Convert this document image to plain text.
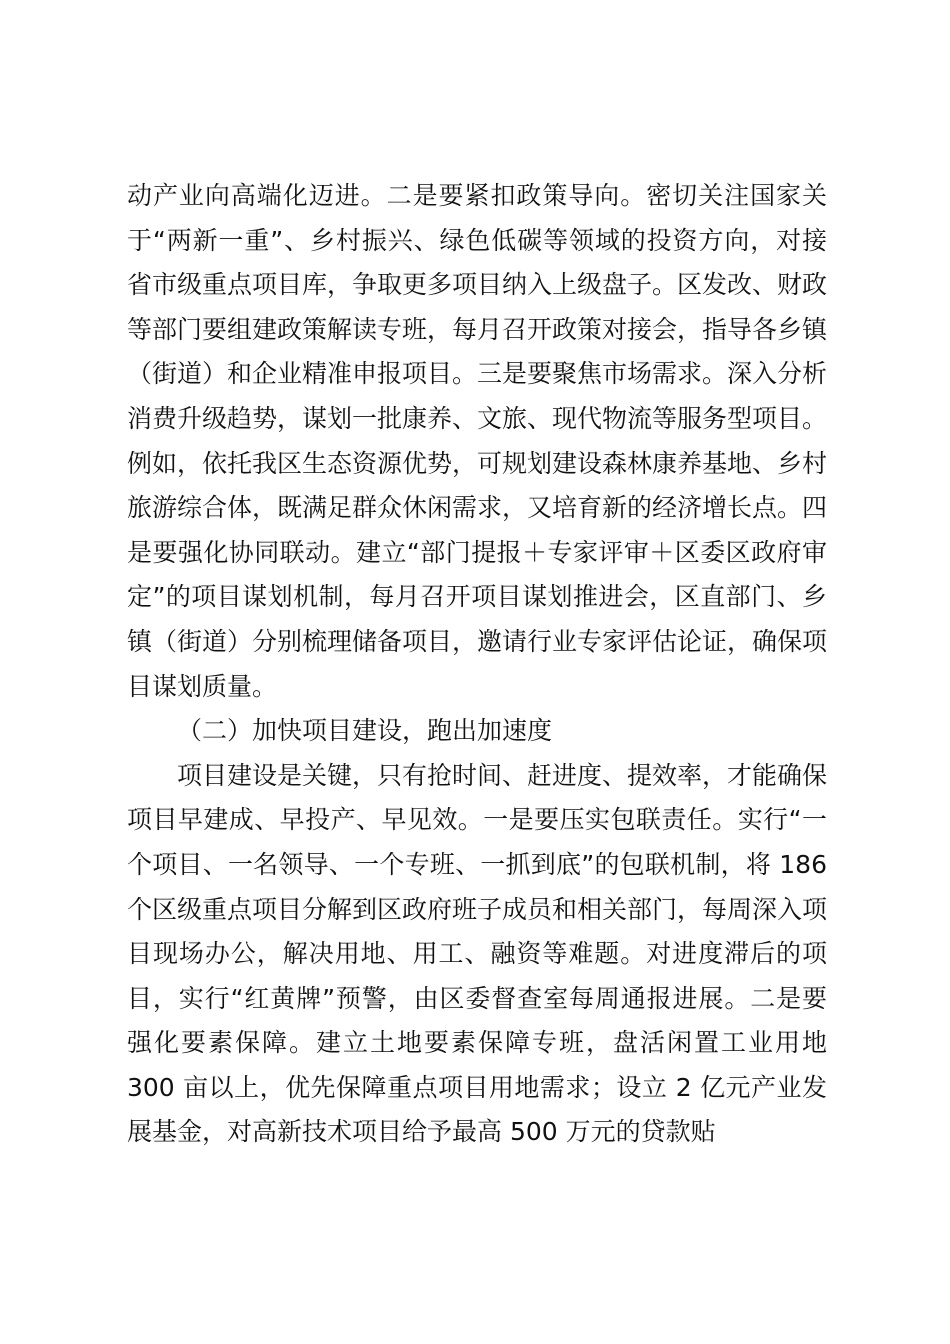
动产业向高端化迈进。二是要紧扣政策导向。密切关注国家关于“两新一重”、乡村振兴、绿色低碳等领域的投资方向，对接省市级重点项目库，争取更多项目纳入上级盘子。区发改、财政等部门要组建政策解读专班，每月召开政策对接会，指导各乡镇（街道）和企业精准申报项目。三是要聚焦市场需求。深入分析消费升级趋势，谋划一批康养、文旅、现代物流等服务型项目。例如，依托我区生态资源优势，可规划建设森林康养基地、乡村旅游综合体，既满足群众休闲需求，又培育新的经济增长点。四是要强化协同联动。建立“部门提报＋专家评审＋区委区政府审定”的项目谋划机制，每月召开项目谋划推进会，区直部门、乡镇（街道）分别梳理储备项目，邀请行业专家评估论证，确保项目谋划质量。

（二）加快项目建设，跑出加速度

项目建设是关键，只有抢时间、赶进度、提效率，才能确保项目早建成、早投产、早见效。一是要压实包联责任。实行“一个项目、一名领导、一个专班、一抓到底”的包联机制，将 186 个区级重点项目分解到区政府班子成员和相关部门，每周深入项目现场办公，解决用地、用工、融资等难题。对进度滞后的项目，实行“红黄牌”预警，由区委督查室每周通报进展。二是要强化要素保障。建立土地要素保障专班，盘活闲置工业用地 300 亩以上，优先保障重点项目用地需求；设立 2 亿元产业发展基金，对高新技术项目给予最高 500 万元的贷款贴
